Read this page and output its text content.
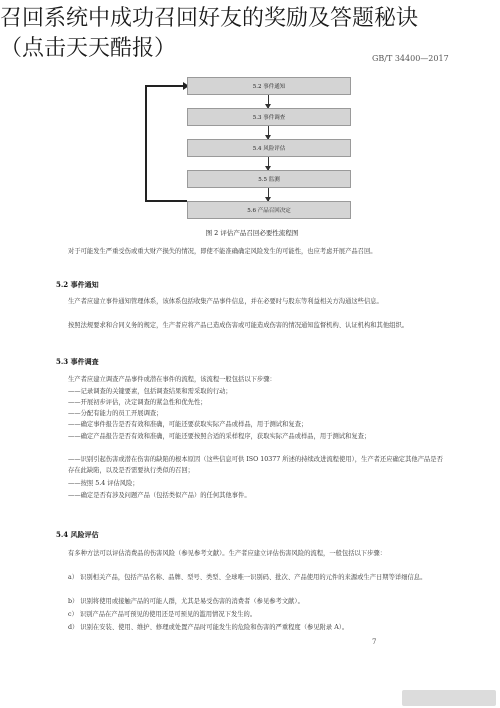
召回系统中成功召回好友的奖励及答题秘诀
（点击天天酷报）	GB/T 34400—2017
5.2 事件通知
5.3 事件调查
5.4 风险评估
5.5 监测
5.6 产品召回决定
图 2 评估产品召回必要性流程图
对于可能发生严重受伤或重大财产损失的情况，即使不能准确确定风险发生的可能性，也应考虑开展产品召回。
5.2 事件通知
生产者应建立事件通知管理体系，该体系包括收集产品事件信息，并在必要时与股东等利益相关方沟通这些信息。
按照法规要求和合同义务的规定，生产者应将产品已造成伤害或可能造成伤害的情况通知监督机构、认证机构和其他组织。
5.3 事件调查
生产者应建立调查产品事件或潜在事件的流程，该流程一般包括以下步骤：
——记录调查的关键要素，包括调查结果和需采取的行动；
——开展初步评估，决定调查的紧急性和优先性；
——分配有能力的员工开展调查；
——确定事件报告是否有效和准确，可能还要获取实际产品或样品，用于测试和复查；
——确定产品报告是否有效和准确，可能还要按照合适的采样程序，获取实际产品或样品，用于测试和复查；
——识别引起伤害或潜在伤害的缺陷的根本原因（这些信息可供 ISO 10377 所述的持续改进流程使用），生产者还应确定其他产品是否存在此缺陷，以及是否需要执行类似的召回；
——按照 5.4 评估风险；
——确定是否有涉及问题产品（包括类似产品）的任何其他事件。
5.4 风险评估
有多种方法可以评估消费品的伤害风险（参见参考文献）。生产者应建立评估伤害风险的流程，一般包括以下步骤：
a） 识别相关产品，包括产品名称、品牌、型号、类型、全球唯一识别码、批次、产品使用的元件的来源或生产日期等详细信息。
b） 识别将使用或接触产品的可能人群，尤其是易受伤害的消费者（参见参考文献）。
c） 识别产品在产品可预见的使用还是可预见的滥用情况下发生的。
d） 识别在安装、使用、维护、修理或处置产品时可能发生的危险和伤害的严重程度（参见附录 A）。
7
